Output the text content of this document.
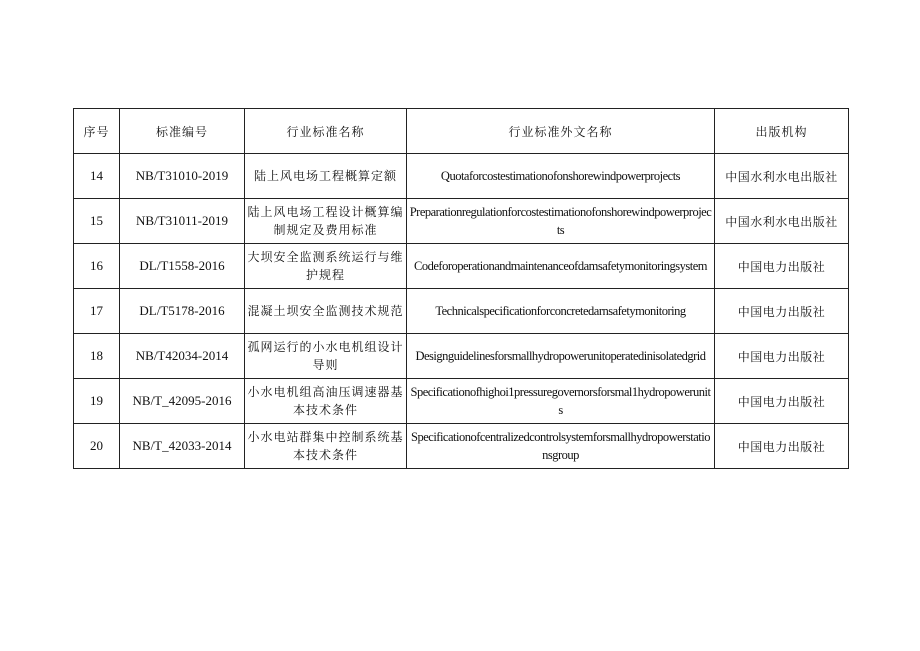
序号	标准编号	行业标准名称	行业标准外文名称	出版机构
14	NB/T31010-2019	陆上风电场工程概算定额	Quotaforcostestimationofonshorewindpowerprojects	中国水利水电出版社
15	NB/T31011-2019	陆上风电场工程设计概算编制规定及费用标准	Preparationregulationforcostestimationofonshorewindpowerprojects	中国水利水电出版社
16	DL/T1558-2016	大坝安全监测系统运行与维护规程	Codeforoperationandmaintenanceofdamsafetymonitoringsystem	中国电力出版社
17	DL/T5178-2016	混凝土坝安全监测技术规范	Technicalspecificationforconcretedarnsafetymonitoring	中国电力出版社
18	NB/T42034-2014	孤网运行的小水电机组设计导则	Designguidelinesforsmallhydropowerunitoperatedinisolatedgrid	中国电力出版社
19	NB/T_42095-2016	小水电机组高油压调速器基本技术条件	Specificationofhighoi1pressuregovernorsforsmal1hydropowerunits	中国电力出版社
20	NB/T_42033-2014	小水电站群集中控制系统基本技术条件	Specificationofcentralizedcontrolsystemforsmallhydropowerstationsgroup	中国电力出版社
